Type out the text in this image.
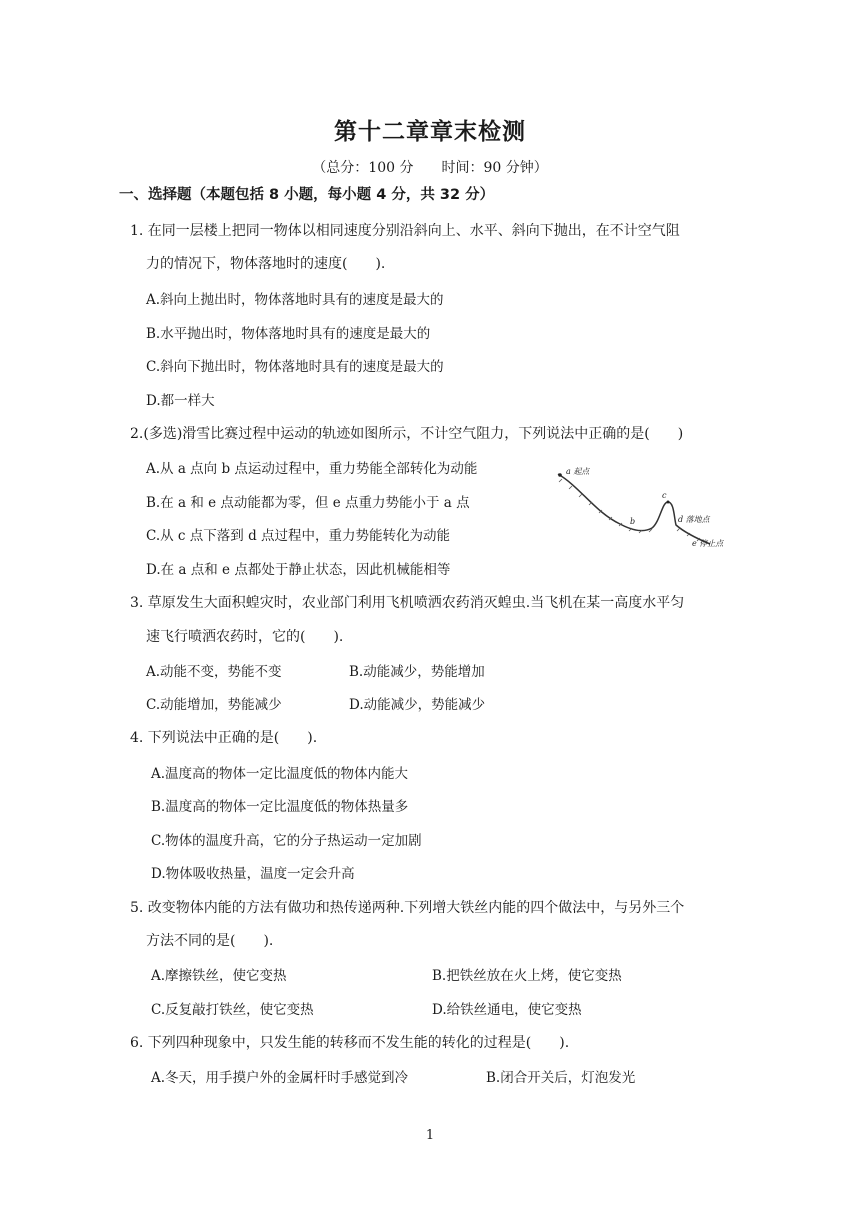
第十二章章末检测
（总分：100 分 时间：90 分钟）
一、选择题（本题包括 8 小题，每小题 4 分，共 32 分）
1. 在同一层楼上把同一物体以相同速度分别沿斜向上、水平、斜向下抛出，在不计空气阻
力的情况下，物体落地时的速度(　　).
A.斜向上抛出时，物体落地时具有的速度是最大的
B.水平抛出时，物体落地时具有的速度是最大的
C.斜向下抛出时，物体落地时具有的速度是最大的
D.都一样大
2.(多选)滑雪比赛过程中运动的轨迹如图所示，不计空气阻力，下列说法中正确的是(　　)
A.从 a 点向 b 点运动过程中，重力势能全部转化为动能
B.在 a 和 e 点动能都为零，但 e 点重力势能小于 a 点
C.从 c 点下落到 d 点过程中，重力势能转化为动能
D.在 a 点和 e 点都处于静止状态，因此机械能相等
a 起点
b
c
d 落地点
e 停止点
3. 草原发生大面积蝗灾时，农业部门利用飞机喷洒农药消灭蝗虫.当飞机在某一高度水平匀
速飞行喷洒农药时，它的(　　).
A.动能不变，势能不变	B.动能减少，势能增加
C.动能增加，势能减少	D.动能减少，势能减少
4. 下列说法中正确的是(　　).
A.温度高的物体一定比温度低的物体内能大
B.温度高的物体一定比温度低的物体热量多
C.物体的温度升高，它的分子热运动一定加剧
D.物体吸收热量，温度一定会升高
5. 改变物体内能的方法有做功和热传递两种.下列增大铁丝内能的四个做法中，与另外三个
方法不同的是(　　).
A.摩擦铁丝，使它变热	B.把铁丝放在火上烤，使它变热
C.反复敲打铁丝，使它变热	D.给铁丝通电，使它变热
6. 下列四种现象中，只发生能的转移而不发生能的转化的过程是(　　).
A.冬天，用手摸户外的金属杆时手感觉到冷	B.闭合开关后，灯泡发光
1
